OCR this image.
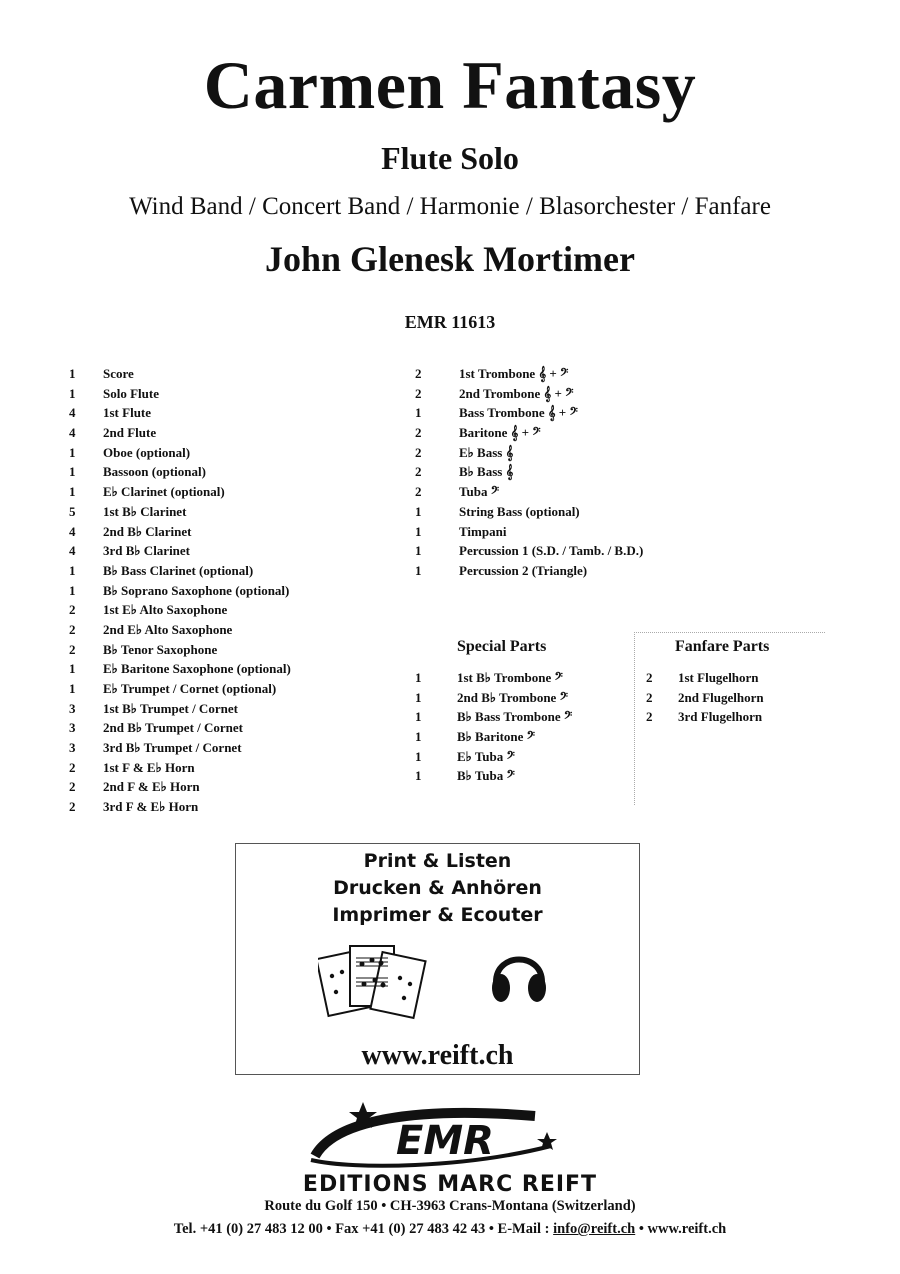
Carmen Fantasy
Flute Solo
Wind Band / Concert Band / Harmonie / Blasorchester / Fanfare
John Glenesk Mortimer
EMR 11613
1 Score
1 Solo Flute
4 1st Flute
4 2nd Flute
1 Oboe (optional)
1 Bassoon (optional)
1 E♭ Clarinet (optional)
5 1st B♭ Clarinet
4 2nd B♭ Clarinet
4 3rd B♭ Clarinet
1 B♭ Bass Clarinet (optional)
1 B♭ Soprano Saxophone (optional)
2 1st E♭ Alto Saxophone
2 2nd E♭ Alto Saxophone
2 B♭ Tenor Saxophone
1 E♭ Baritone Saxophone (optional)
1 E♭ Trumpet / Cornet (optional)
3 1st B♭ Trumpet / Cornet
3 2nd B♭ Trumpet / Cornet
3 3rd B♭ Trumpet / Cornet
2 1st F & E♭ Horn
2 2nd F & E♭ Horn
2 3rd F & E♭ Horn
2	1st Trombone 𝄞 + 𝄢
2	2nd Trombone 𝄞 + 𝄢
1	Bass Trombone 𝄞 + 𝄢
2	Baritone 𝄞 + 𝄢
2	E♭ Bass 𝄞
2	B♭ Bass 𝄞
2	Tuba 𝄢
1	String Bass (optional)
1	Timpani
1	Percussion 1 (S.D. / Tamb. / B.D.)
1	Percussion 2 (Triangle)
Special Parts
1	1st B♭ Trombone 𝄢
1	2nd B♭ Trombone 𝄢
1	B♭ Bass Trombone 𝄢
1	B♭ Baritone 𝄢
1	E♭ Tuba 𝄢
1	B♭ Tuba 𝄢
Fanfare Parts
2 1st Flugelhorn
2 2nd Flugelhorn
2 3rd Flugelhorn
Print & Listen
Drucken & Anhören
Imprimer & Ecouter
www.reift.ch
EMR
EDITIONS MARC REIFT
Route du Golf 150 • CH-3963 Crans-Montana (Switzerland)
Tel. +41 (0) 27 483 12 00 • Fax +41 (0) 27 483 42 43 • E-Mail : info@reift.ch • www.reift.ch
